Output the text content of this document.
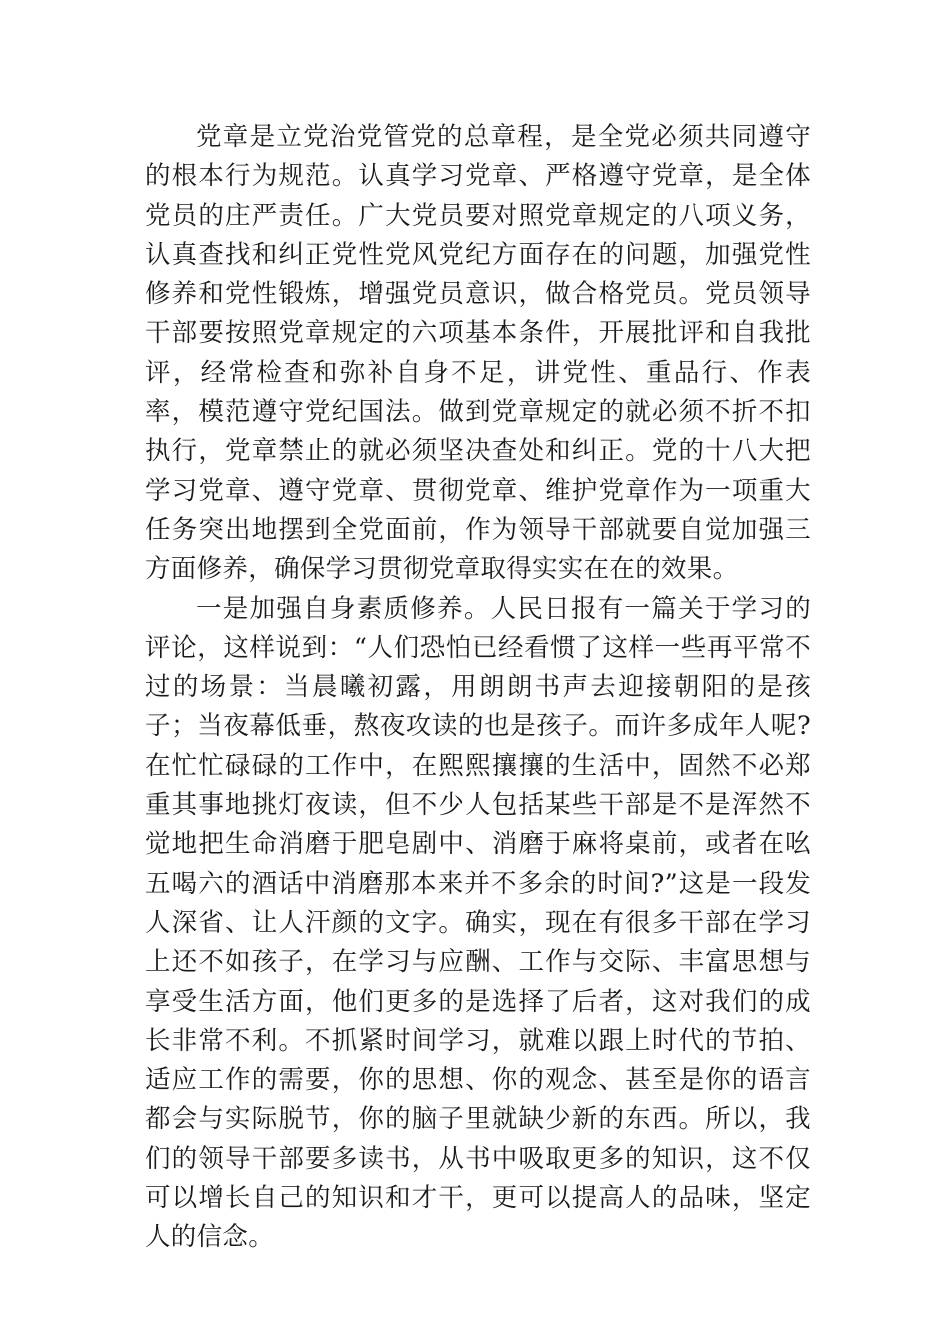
党章是立党治党管党的总章程，是全党必须共同遵守的根本行为规范。认真学习党章、严格遵守党章，是全体党员的庄严责任。广大党员要对照党章规定的八项义务，认真查找和纠正党性党风党纪方面存在的问题，加强党性修养和党性锻炼，增强党员意识，做合格党员。党员领导干部要按照党章规定的六项基本条件，开展批评和自我批评，经常检查和弥补自身不足，讲党性、重品行、作表率，模范遵守党纪国法。做到党章规定的就必须不折不扣执行，党章禁止的就必须坚决查处和纠正。党的十八大把学习党章、遵守党章、贯彻党章、维护党章作为一项重大任务突出地摆到全党面前，作为领导干部就要自觉加强三方面修养，确保学习贯彻党章取得实实在在的效果。

一是加强自身素质修养。人民日报有一篇关于学习的评论，这样说到：“人们恐怕已经看惯了这样一些再平常不过的场景：当晨曦初露，用朗朗书声去迎接朝阳的是孩子；当夜幕低垂，熬夜攻读的也是孩子。而许多成年人呢?在忙忙碌碌的工作中，在熙熙攘攘的生活中，固然不必郑重其事地挑灯夜读，但不少人包括某些干部是不是浑然不觉地把生命消磨于肥皂剧中、消磨于麻将桌前，或者在吆五喝六的酒话中消磨那本来并不多余的时间?”这是一段发人深省、让人汗颜的文字。确实，现在有很多干部在学习上还不如孩子，在学习与应酬、工作与交际、丰富思想与享受生活方面，他们更多的是选择了后者，这对我们的成长非常不利。不抓紧时间学习，就难以跟上时代的节拍、适应工作的需要，你的思想、你的观念、甚至是你的语言都会与实际脱节，你的脑子里就缺少新的东西。所以，我们的领导干部要多读书，从书中吸取更多的知识，这不仅可以增长自己的知识和才干，更可以提高人的品味，坚定人的信念。
